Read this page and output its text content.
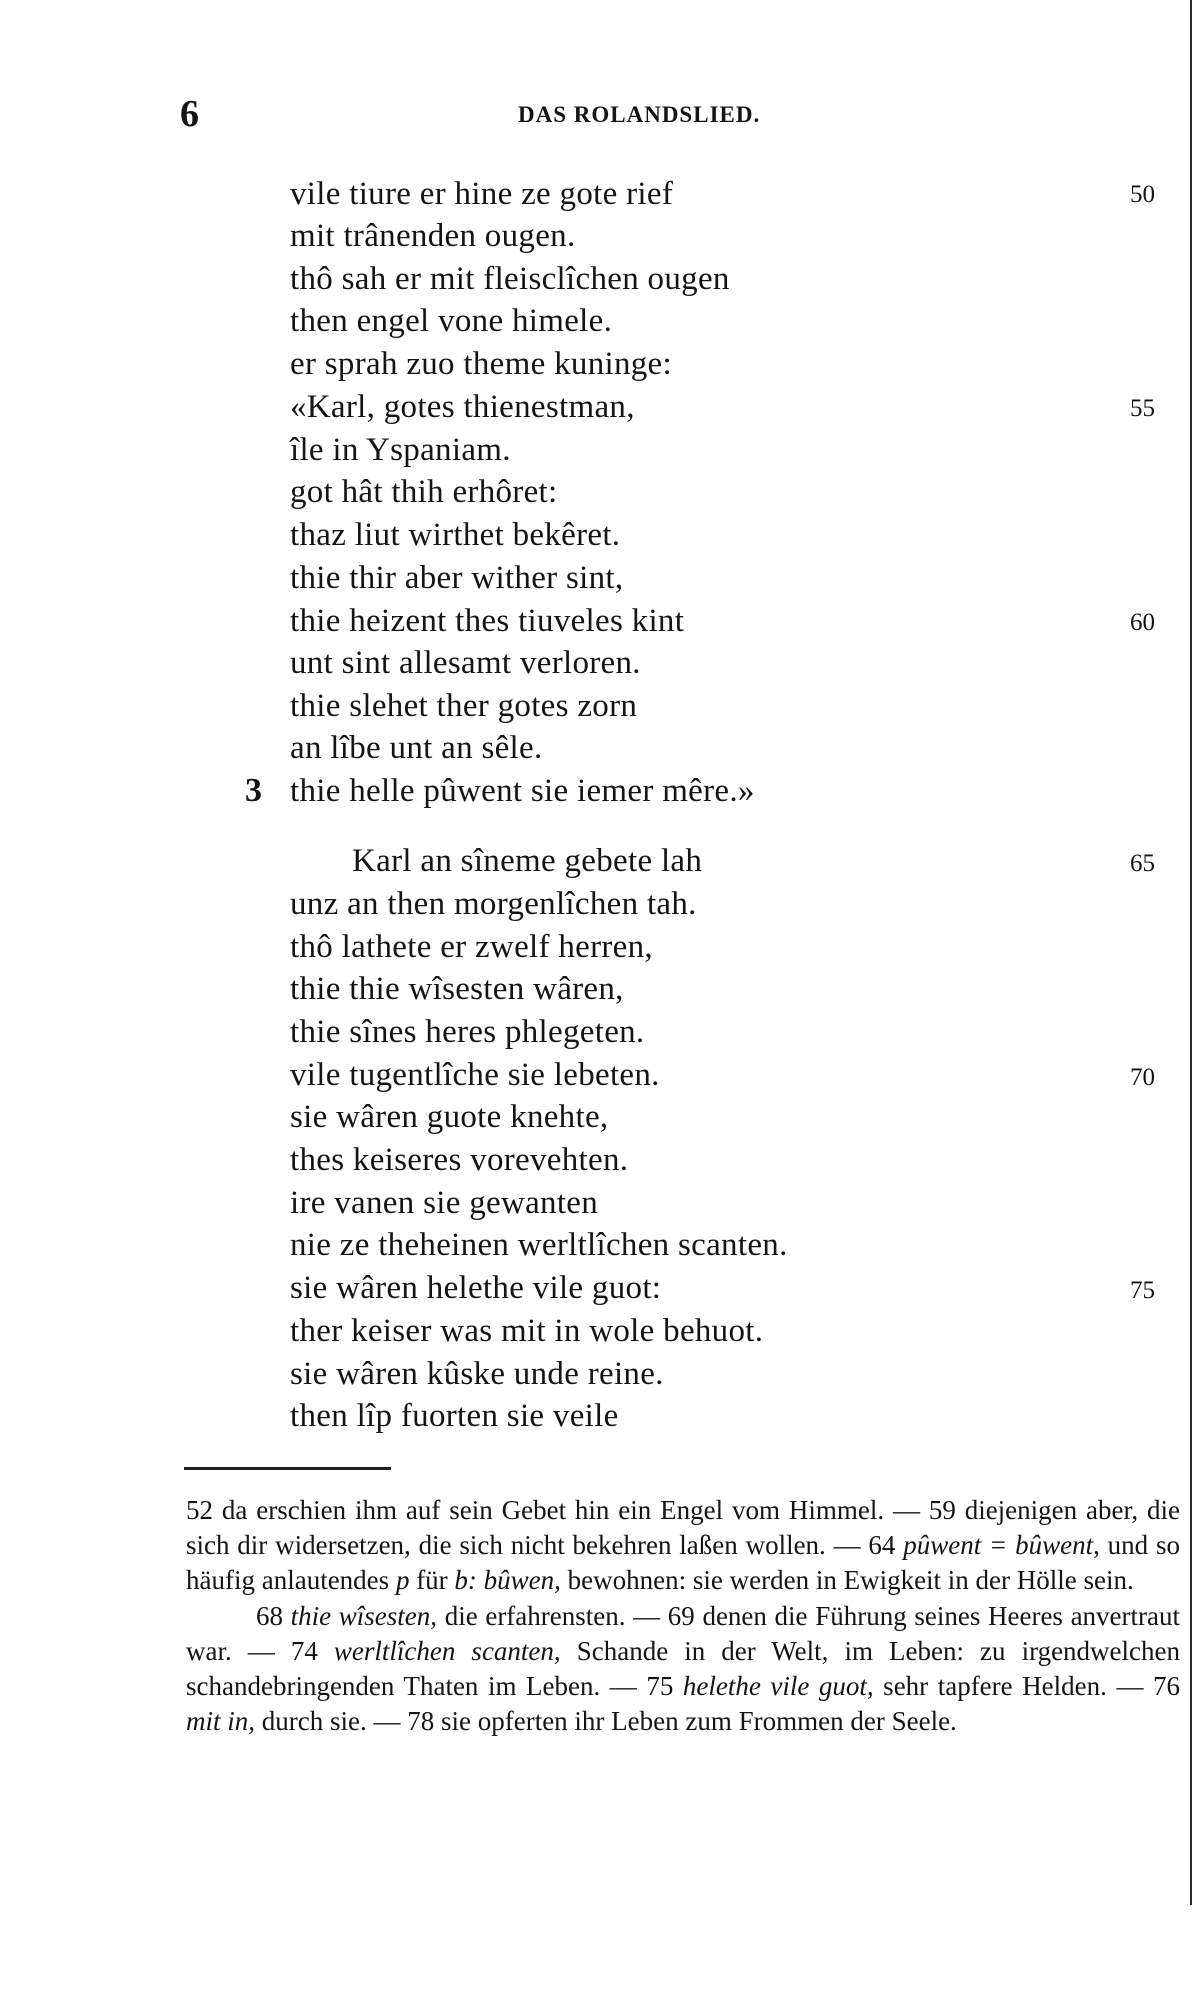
6	DAS ROLANDSLIED.
vile tiure er hine ze gote rief
mit trânenden ougen.
thô sah er mit fleisclîchen ougen
then engel vone himele.
er sprah zuo theme kuninge:
«Karl, gotes thienestman,
île in Yspaniam.
got hât thih erhôret:
thaz liut wirthet bekêret.
thie thir aber wither sint,
thie heizent thes tiuveles kint
unt sint allesamt verloren.
thie slehet ther gotes zorn
an lîbe unt an sêle.
thie helle pûwent sie iemer mêre.»
Karl an sîneme gebete lah
unz an then morgenlîchen tah.
thô lathete er zwelf herren,
thie thie wîsesten wâren,
thie sînes heres phlegeten.
vile tugentlîche sie lebeten.
sie wâren guote knehte,
thes keiseres vorevehten.
ire vanen sie gewanten
nie ze theheinen werltlîchen scanten.
sie wâren helethe vile guot:
ther keiser was mit in wole behuot.
sie wâren kûske unde reine.
then lîp fuorten sie veile
3
50
55
60
65
70
75

52 da erschien ihm auf sein Gebet hin ein Engel vom Himmel. — 59 diejenigen aber, die sich dir widersetzen, die sich nicht bekehren laßen wollen. — 64 pûwent = bûwent, und so häufig anlautendes p für b: bûwen, bewohnen: sie werden in Ewigkeit in der Hölle sein.

68 thie wîsesten, die erfahrensten. — 69 denen die Führung seines Heeres anvertraut war. — 74 werltlîchen scanten, Schande in der Welt, im Leben: zu irgendwelchen schandebringenden Thaten im Leben. — 75 helethe vile guot, sehr tapfere Helden. — 76 mit in, durch sie. — 78 sie opferten ihr Leben zum Frommen der Seele.
